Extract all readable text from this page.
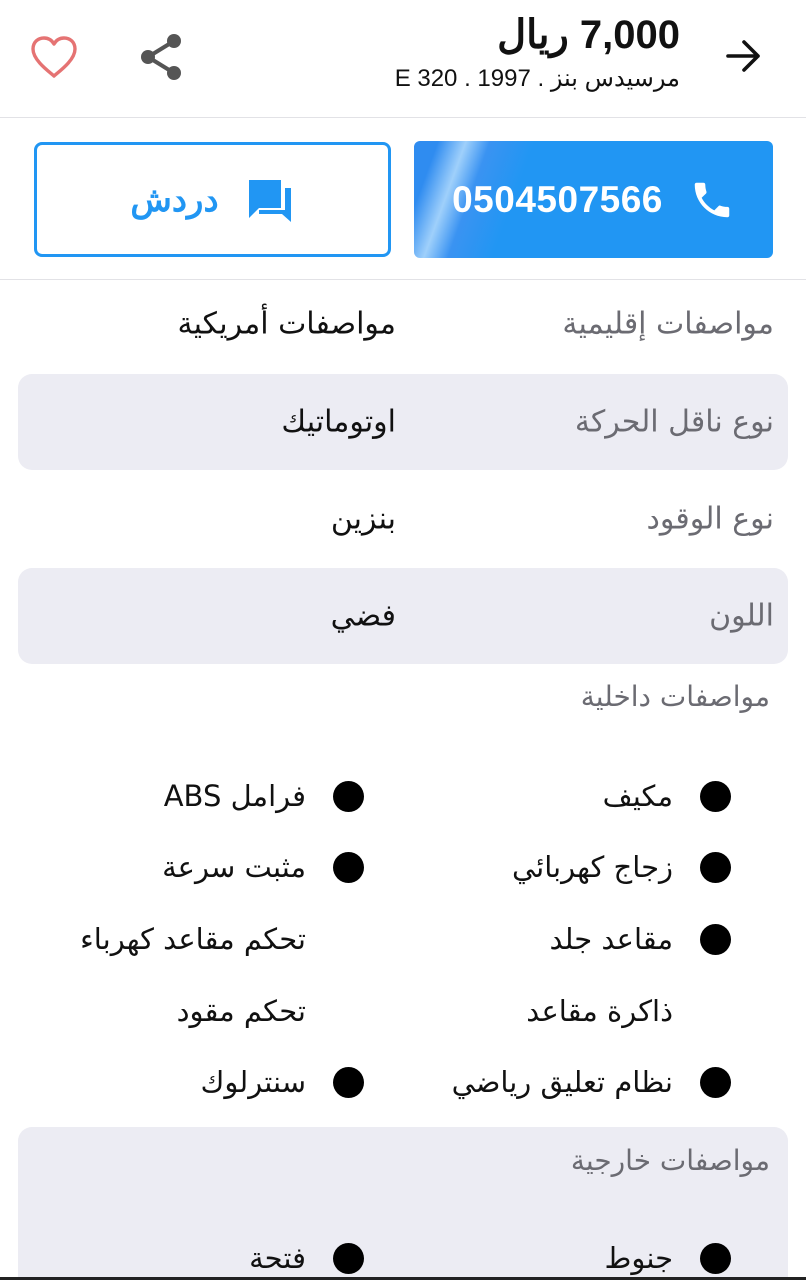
7,000 ريال
مرسيدس بنز . 1997 . E 320
دردش	0504507566
مواصفات إقليمية
مواصفات أمريكية
نوع ناقل الحركة
اوتوماتيك
نوع الوقود
بنزين
اللون
فضي
مواصفات داخلية
مكيف
فرامل ABS
زجاج كهربائي
مثبت سرعة
مقاعد جلد
تحكم مقاعد كهرباء
ذاكرة مقاعد
تحكم مقود
نظام تعليق رياضي
سنترلوك
مواصفات خارجية
جنوط
فتحة
